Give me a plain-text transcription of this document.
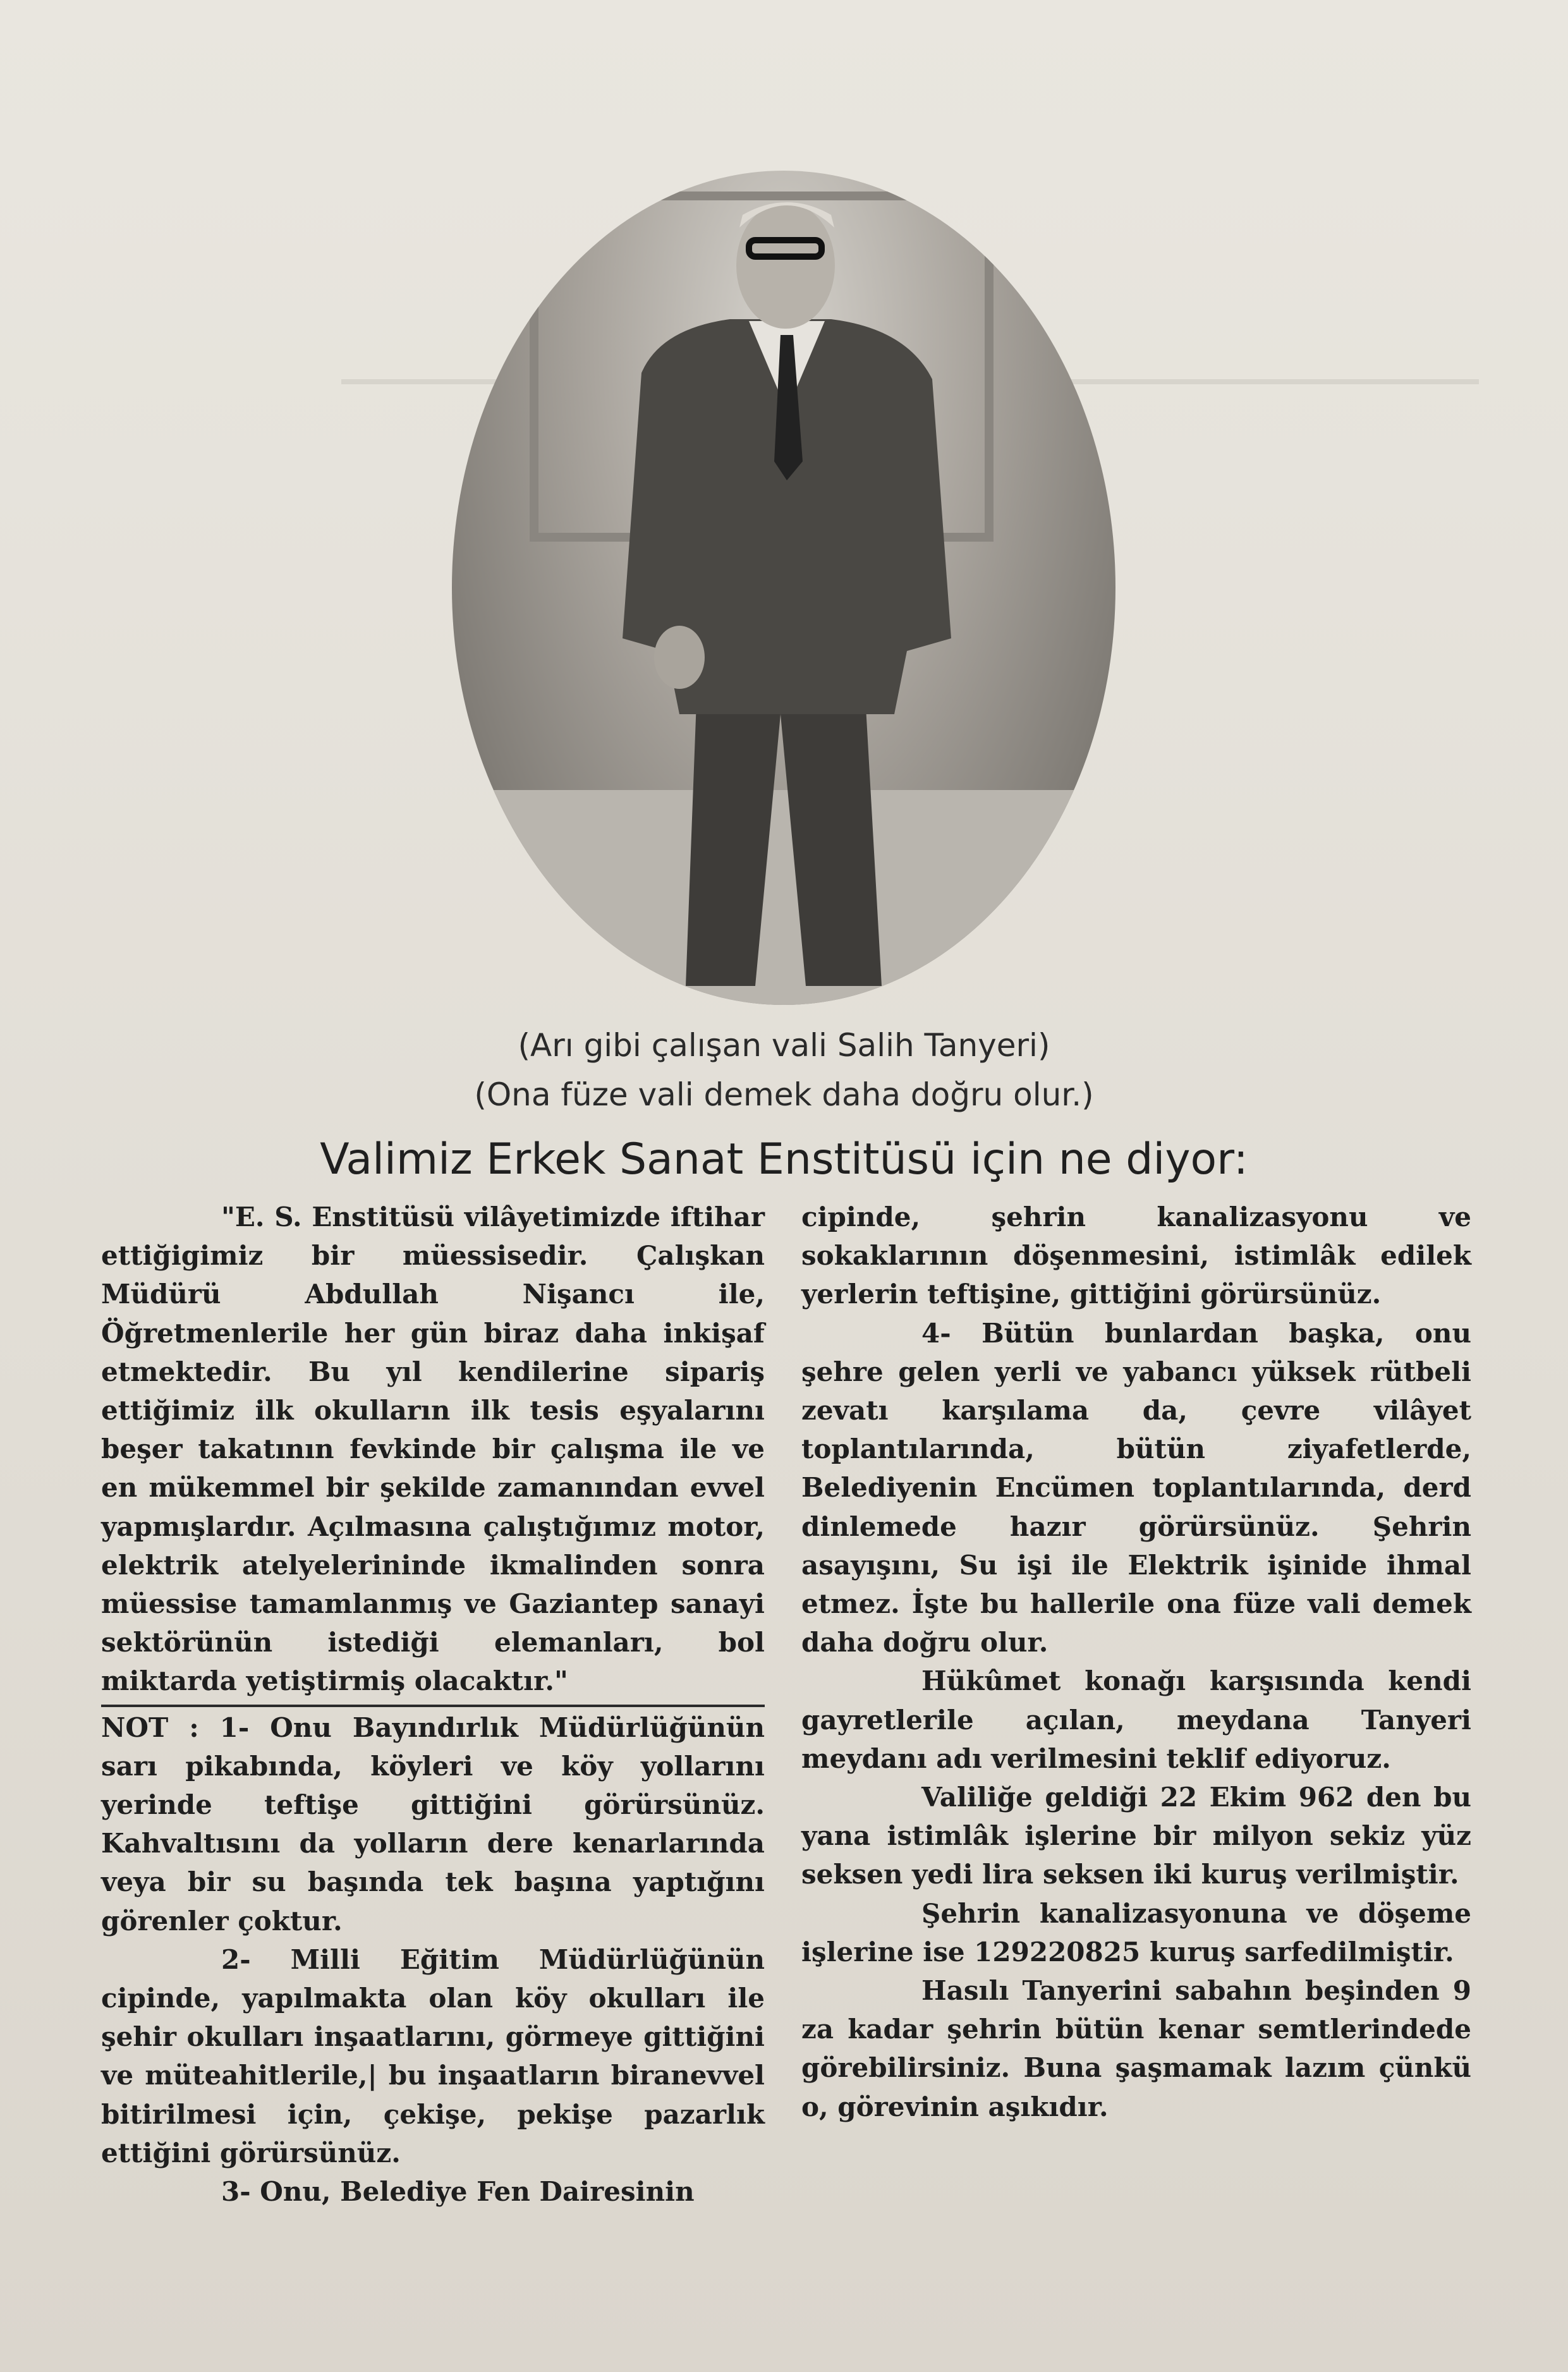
(Arı gibi çalışan vali Salih Tanyeri)
(Ona füze vali demek daha doğru olur.)
Valimiz Erkek Sanat Enstitüsü için ne diyor:

"E. S. Enstitüsü vilâyetimizde iftihar ettiğigimiz bir müessisedir. Çalışkan Müdürü Abdullah Nişancı ile, Öğretmenlerile her gün biraz daha inkişaf etmektedir. Bu yıl kendilerine sipariş ettiğimiz ilk okulların ilk tesis eşyalarını beşer takatının fevkinde bir çalışma ile ve en mükemmel bir şekilde zamanından evvel yapmışlardır. Açılmasına çalıştığımız motor, elektrik atelyelerininde ikmalinden sonra müessise tamamlanmış ve Gaziantep sanayi sektörünün istediği elemanları, bol miktarda yetiştirmiş olacaktır."

NOT : 1- Onu Bayındırlık Müdürlüğünün sarı pikabında, köyleri ve köy yollarını yerinde teftişe gittiğini görürsünüz. Kahvaltısını da yolların dere kenarlarında veya bir su başında tek başına yaptığını görenler çoktur.

2- Milli Eğitim Müdürlüğünün cipinde, yapılmakta olan köy okulları ile şehir okulları inşaatlarını, görmeye gittiğini ve müteahitlerile,| bu inşaatların biranevvel bitirilmesi için, çekişe, pekişe pazarlık ettiğini görürsünüz.

3- Onu, Belediye Fen Dairesinin

cipinde, şehrin kanalizasyonu ve sokaklarının döşenmesini, istimlâk edilek yerlerin teftişine, gittiğini görürsünüz.

4- Bütün bunlardan başka, onu şehre gelen yerli ve yabancı yüksek rütbeli zevatı karşılama da, çevre vilâyet toplantılarında, bütün ziyafetlerde, Belediyenin Encümen toplantılarında, derd dinlemede hazır görürsünüz. Şehrin asayışını, Su işi ile Elektrik işinide ihmal etmez. İşte bu hallerile ona füze vali demek daha doğru olur.

Hükûmet konağı karşısında kendi gayretlerile açılan, meydana Tanyeri meydanı adı verilmesini teklif ediyoruz.

Valiliğe geldiği 22 Ekim 962 den bu yana istimlâk işlerine bir milyon sekiz yüz seksen yedi lira seksen iki kuruş verilmiştir.

Şehrin kanalizasyonuna ve döşeme işlerine ise 129220825 kuruş sarfedilmiştir.

Hasılı Tanyerini sabahın beşinden 9 za kadar şehrin bütün kenar semtlerindede görebilirsiniz. Buna şaşmamak lazım çünkü o, görevinin aşıkıdır.
